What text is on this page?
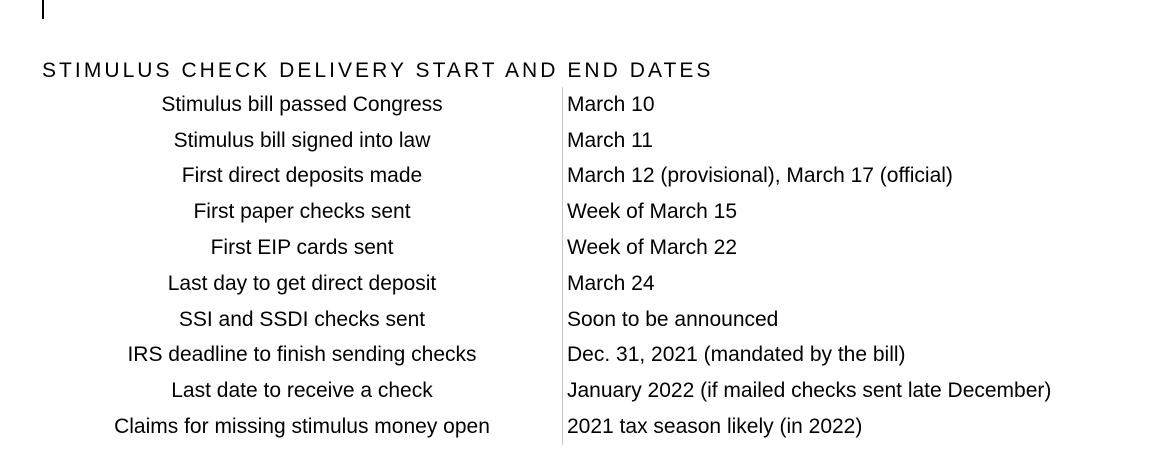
STIMULUS CHECK DELIVERY START AND END DATES
Stimulus bill passed Congress	March 10
Stimulus bill signed into law	March 11
First direct deposits made	March 12 (provisional), March 17 (official)
First paper checks sent	Week of March 15
First EIP cards sent	Week of March 22
Last day to get direct deposit	March 24
SSI and SSDI checks sent	Soon to be announced
IRS deadline to finish sending checks	Dec. 31, 2021 (mandated by the bill)
Last date to receive a check	January 2022 (if mailed checks sent late December)
Claims for missing stimulus money open	2021 tax season likely (in 2022)
